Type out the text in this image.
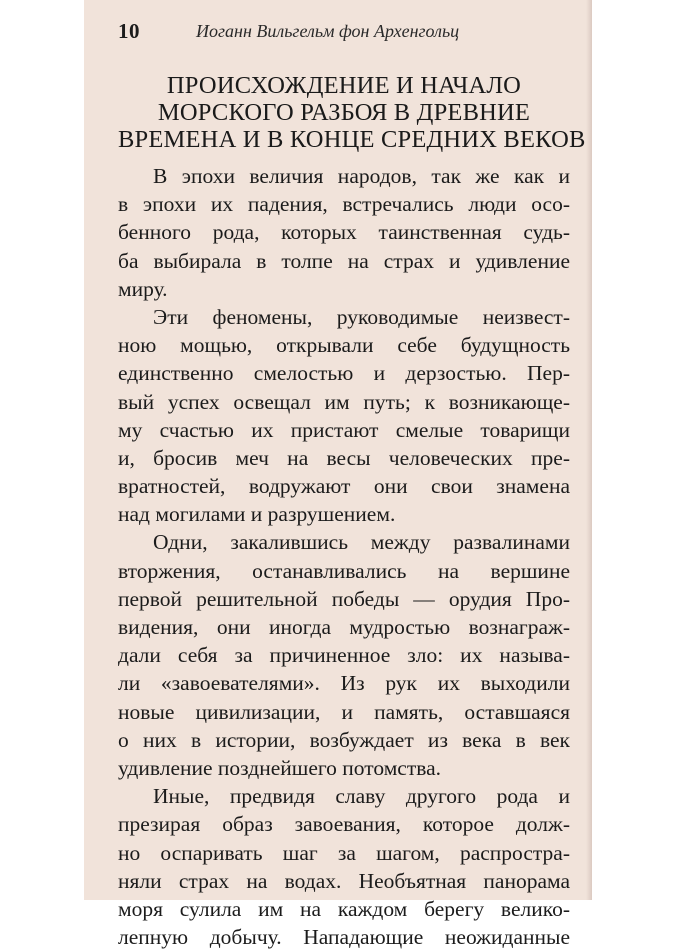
10	Иоганн Вильгельм фон Архенгольц
ПРОИСХОЖДЕНИЕ И НАЧАЛО
МОРСКОГО РАЗБОЯ В ДРЕВНИЕ
ВРЕМЕНА И В КОНЦЕ СРЕДНИХ ВЕКОВ
В эпохи величия народов, так же как и
в эпохи их падения, встречались люди осо-
бенного рода, которых таинственная судь-
ба выбирала в толпе на страх и удивление
миру.
Эти феномены, руководимые неизвест-
ною мощью, открывали себе будущность
единственно смелостью и дерзостью. Пер-
вый успех освещал им путь; к возникающе-
му счастью их пристают смелые товарищи
и, бросив меч на весы человеческих пре-
вратностей, водружают они свои знамена
над могилами и разрушением.
Одни, закалившись между развалинами
вторжения, останавливались на вершине
первой решительной победы — орудия Про-
видения, они иногда мудростью вознаграж-
дали себя за причиненное зло: их называ-
ли «завоевателями». Из рук их выходили
новые цивилизации, и память, оставшаяся
о них в истории, возбуждает из века в век
удивление позднейшего потомства.
Иные, предвидя славу другого рода и
презирая образ завоевания, которое долж-
но оспаривать шаг за шагом, распростра-
няли страх на водах. Необъятная панорама
моря сулила им на каждом берегу велико-
лепную добычу. Нападающие неожиданные
